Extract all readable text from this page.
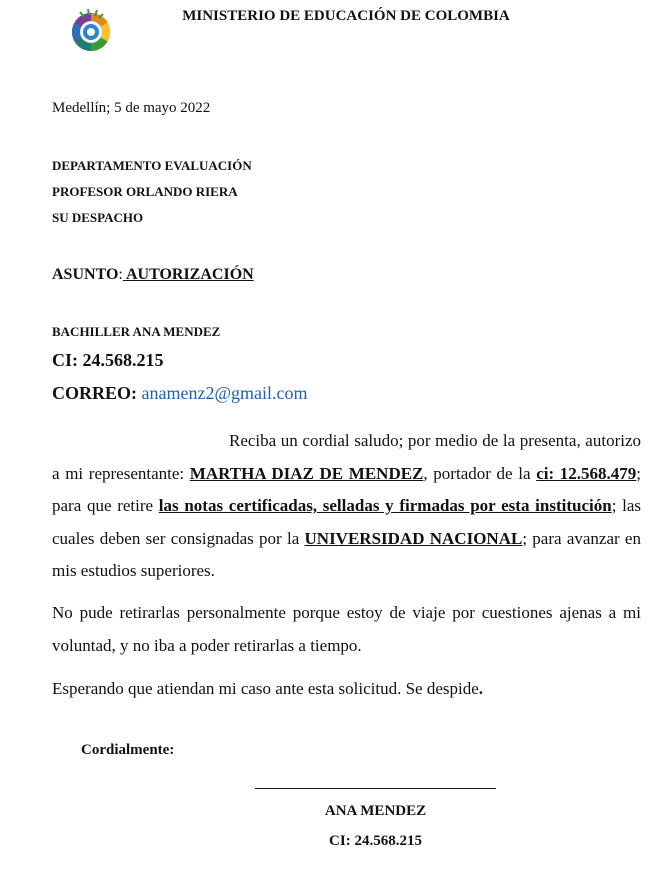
MINISTERIO DE EDUCACIÓN DE COLOMBIA
Medellín; 5 de mayo 2022
DEPARTAMENTO EVALUACIÓN
PROFESOR ORLANDO RIERA
SU DESPACHO
ASUNTO: AUTORIZACIÓN
BACHILLER ANA MENDEZ
CI: 24.568.215
CORREO: anamenz2@gmail.com
Reciba un cordial saludo; por medio de la presenta, autorizo a mi representante: MARTHA DIAZ DE MENDEZ, portador de la ci: 12.568.479; para que retire las notas certificadas, selladas y firmadas por esta institución; las cuales deben ser consignadas por la UNIVERSIDAD NACIONAL; para avanzar en mis estudios superiores.
No pude retirarlas personalmente porque estoy de viaje por cuestiones ajenas a mi voluntad, y no iba a poder retirarlas a tiempo.
Esperando que atiendan mi caso ante esta solicitud. Se despide.
Cordialmente:
ANA MENDEZ
CI: 24.568.215
